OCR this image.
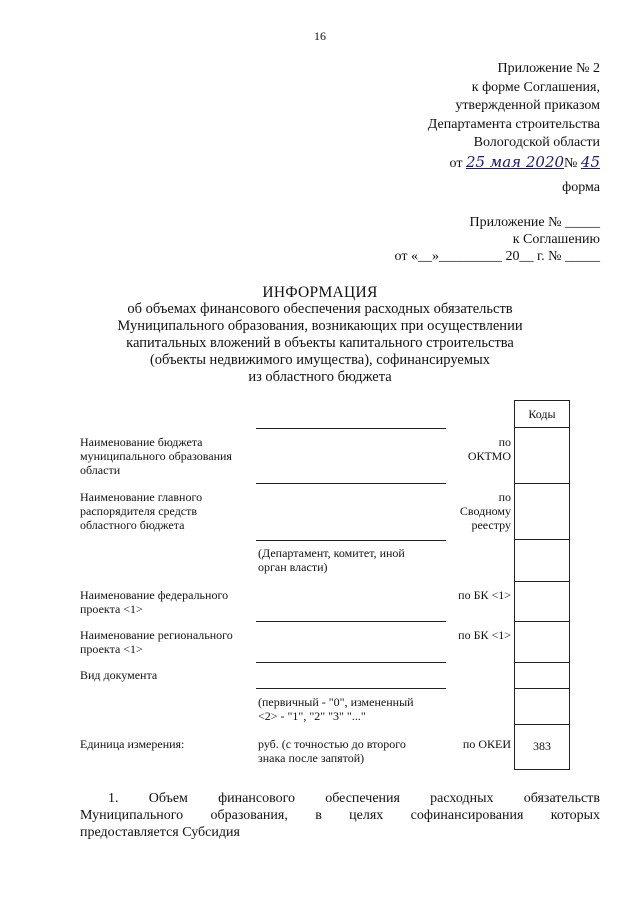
16
Приложение № 2
к форме Соглашения,
утвержденной приказом
Департамента строительства
Вологодской области
от 25 мая 2020№ 45
форма
Приложение № _____
к Соглашению
от «__»_________ 20__ г. № _____
ИНФОРМАЦИЯ
об объемах финансового обеспечения расходных обязательств
Муниципального образования, возникающих при осуществлении
капитальных вложений в объекты капитального строительства
(объекты недвижимого имущества), софинансируемых
из областного бюджета
Коды
383
Наименование бюджета
муниципального образования
области
Наименование главного
распорядителя средств
областного бюджета
Наименование федерального
проекта <1>
Наименование регионального
проекта <1>
Вид документа
Единица измерения:
(Департамент, комитет, иной
орган власти)
(первичный - "0", измененный
<2> - "1", "2" "3" "..."
руб. (с точностью до второго
знака после запятой)
по
ОКТМО
по
Сводному
реестру
по БК <1>
по БК <1>
по ОКЕИ
1. Объем финансового обеспечения расходных обязательств
Муниципального образования, в целях софинансирования которых
предоставляется Субсидия
